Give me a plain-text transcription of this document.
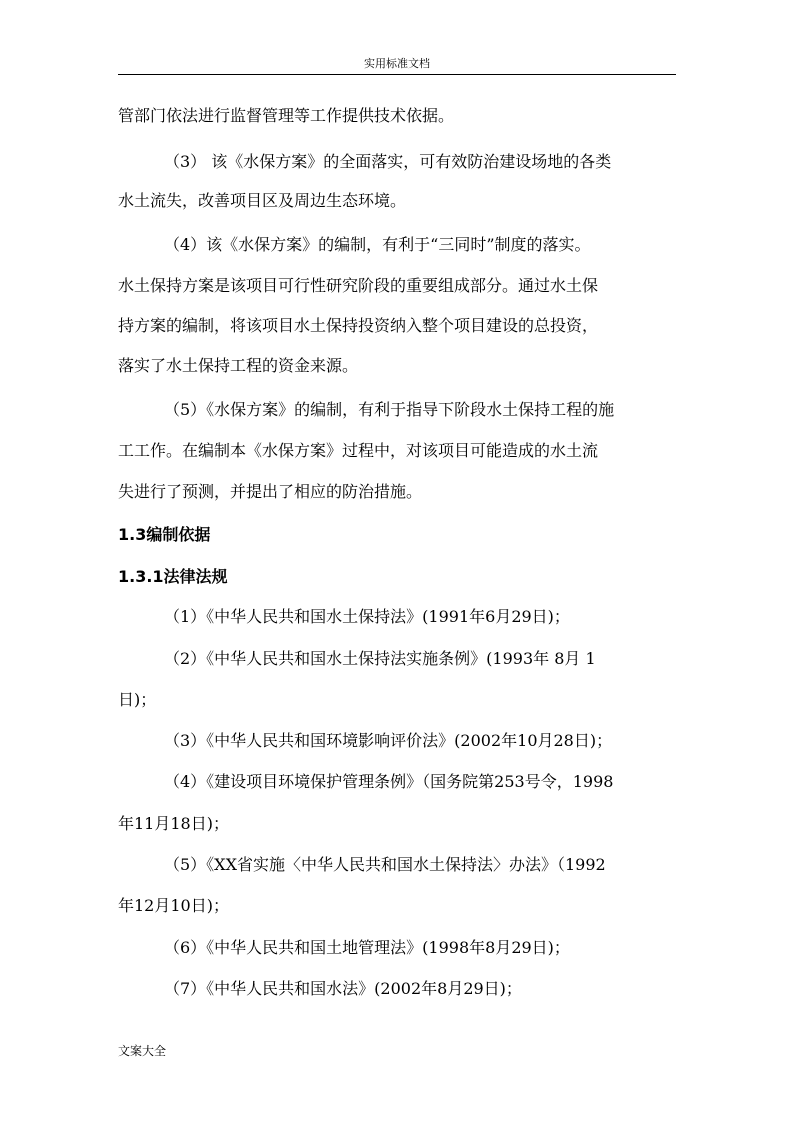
实用标准文档
管部门依法进行监督管理等工作提供技术依据。
（3） 该《水保方案》的全面落实，可有效防治建设场地的各类
水土流失，改善项目区及周边生态环境。
（4）该《水保方案》的编制，有利于“三同时”制度的落实。
水土保持方案是该项目可行性研究阶段的重要组成部分。通过水土保
持方案的编制，将该项目水土保持投资纳入整个项目建设的总投资，
落实了水土保持工程的资金来源。
（5）《水保方案》的编制，有利于指导下阶段水土保持工程的施
工工作。在编制本《水保方案》过程中，对该项目可能造成的水土流
失进行了预测，并提出了相应的防治措施。
1.3编制依据
1.3.1法律法规
（1）《中华人民共和国水土保持法》(1991年6月29日)；
（2）《中华人民共和国水土保持法实施条例》(1993年 8月 1
日)；
（3）《中华人民共和国环境影响评价法》(2002年10月28日)；
（4）《建设项目环境保护管理条例》（国务院第253号令，1998
年11月18日)；
（5）《XX省实施〈中华人民共和国水土保持法〉办法》（1992
年12月10日)；
（6）《中华人民共和国土地管理法》(1998年8月29日)；
（7）《中华人民共和国水法》(2002年8月29日)；
文案大全
